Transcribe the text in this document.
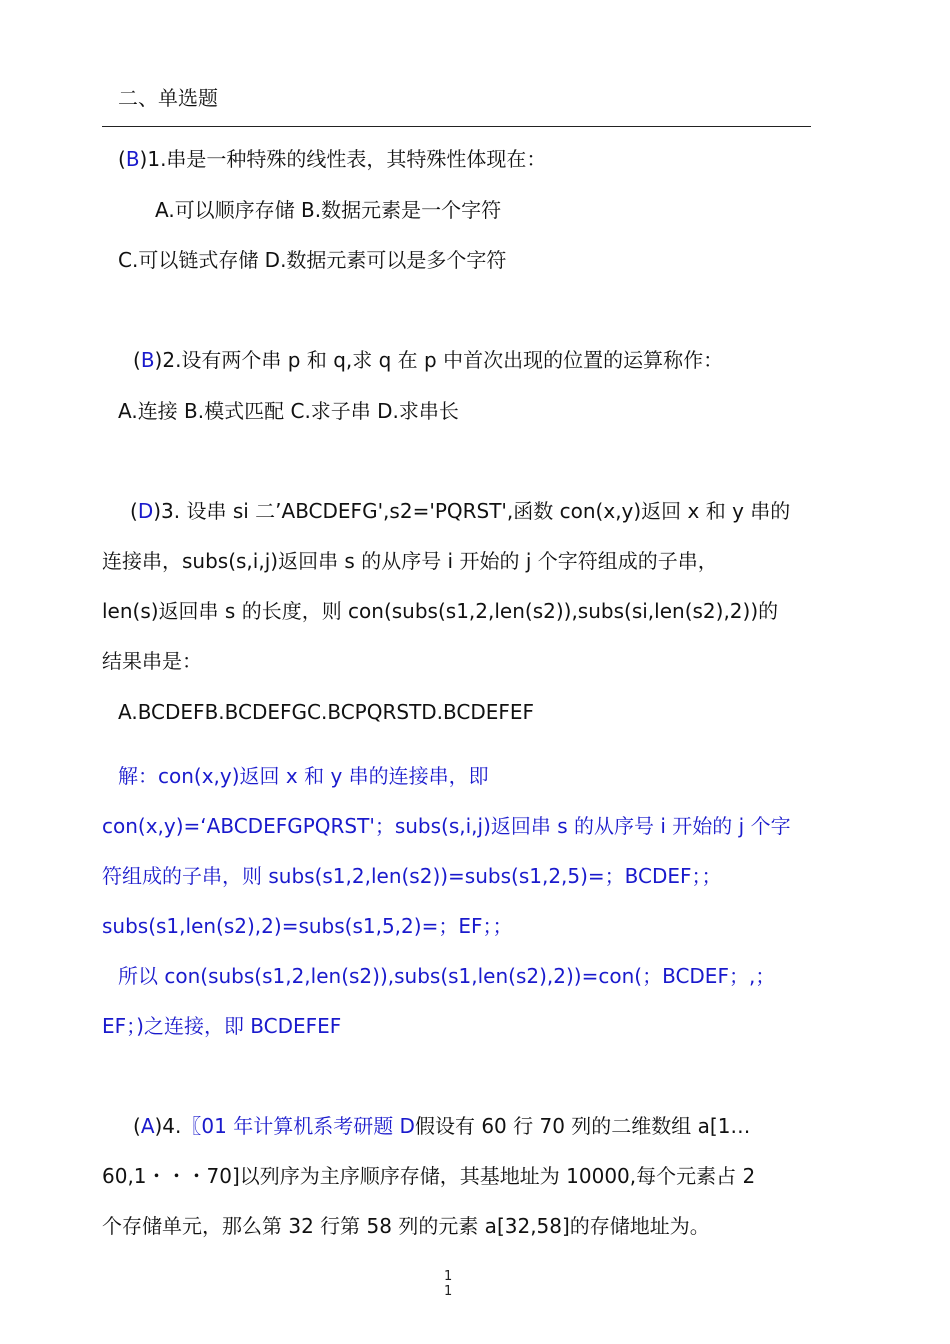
二、单选题
(B)1.串是一种特殊的线性表，其特殊性体现在：
A.可以顺序存储 B.数据元素是一个字符
C.可以链式存储 D.数据元素可以是多个字符
(B)2.设有两个串 p 和 q,求 q 在 p 中首次出现的位置的运算称作：
A.连接 B.模式匹配 C.求子串 D.求串长
(D)3. 设串 si 二’ABCDEFG',s2='PQRST',函数 con(x,y)返回 x 和 y 串的
连接串，subs(s,i,j)返回串 s 的从序号 i 开始的 j 个字符组成的子串，
len(s)返回串 s 的长度，则 con(subs(s1,2,len(s2)),subs(si,len(s2),2))的
结果串是：
A.BCDEFB.BCDEFGC.BCPQRSTD.BCDEFEF
解：con(x,y)返回 x 和 y 串的连接串，即
con(x,y)=‘ABCDEFGPQRST'；subs(s,i,j)返回串 s 的从序号 i 开始的 j 个字
符组成的子串，则 subs(s1,2,len(s2))=subs(s1,2,5)=；BCDEF；；
subs(s1,len(s2),2)=subs(s1,5,2)=；EF；；
所以 con(subs(s1,2,len(s2)),subs(s1,len(s2),2))=con(；BCDEF；,；
EF；)之连接，即 BCDEFEF
(A)4.〖01 年计算机系考研题 D假设有 60 行 70 列的二维数组 a[1…
60,1・・・70]以列序为主序顺序存储，其基地址为 10000,每个元素占 2
个存储单元，那么第 32 行第 58 列的元素 a[32,58]的存储地址为。
1
1
